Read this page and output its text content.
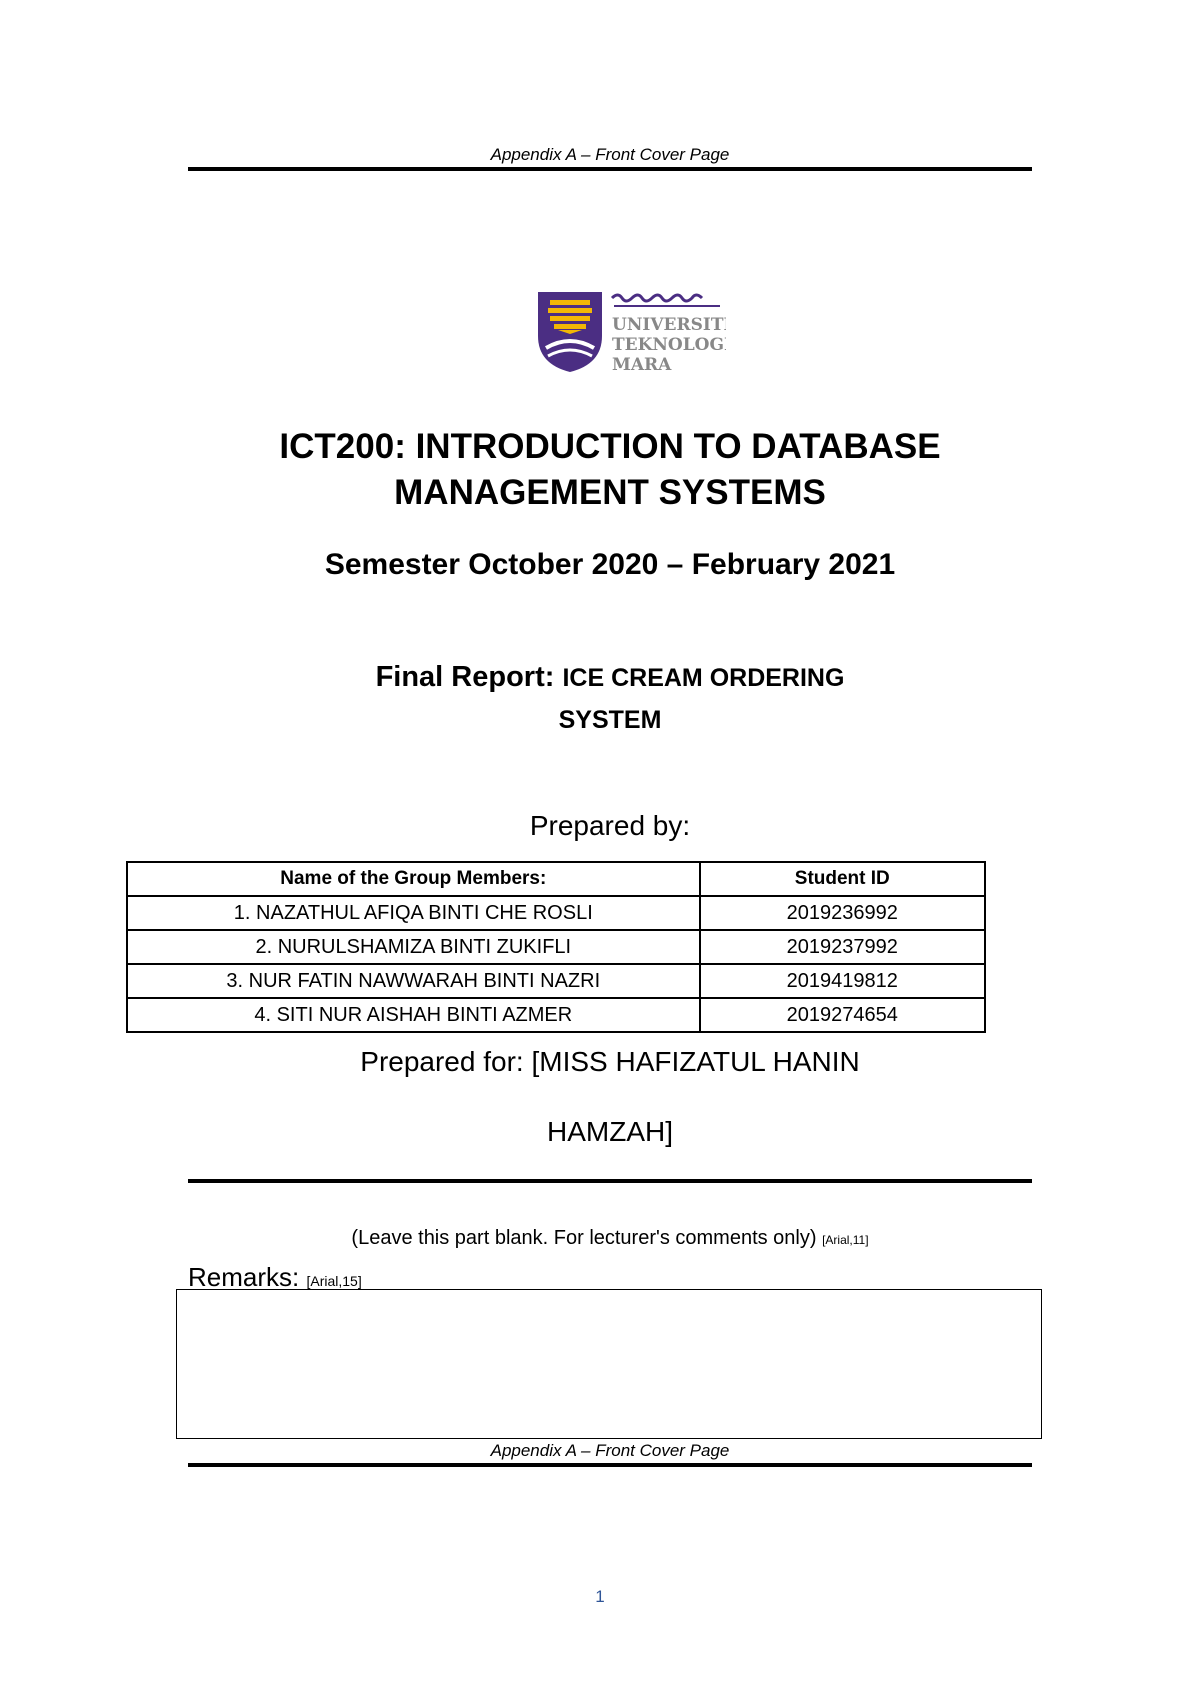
Appendix A – Front Cover Page
UNIVERSITI
TEKNOLOGI
MARA
ICT200: INTRODUCTION TO DATABASE
MANAGEMENT SYSTEMS
Semester October 2020 – February 2021
Final Report: ICE CREAM ORDERING
SYSTEM
Prepared by:
Name of the Group Members:	Student ID
1. NAZATHUL AFIQA BINTI CHE ROSLI	2019236992
2. NURULSHAMIZA BINTI ZUKIFLI	2019237992
3. NUR FATIN NAWWARAH BINTI NAZRI	2019419812
4. SITI NUR AISHAH BINTI AZMER	2019274654
Prepared for: [MISS HAFIZATUL HANIN
HAMZAH]
(Leave this part blank. For lecturer's comments only) [Arial,11]
Remarks: [Arial,15]
Appendix A – Front Cover Page
1
